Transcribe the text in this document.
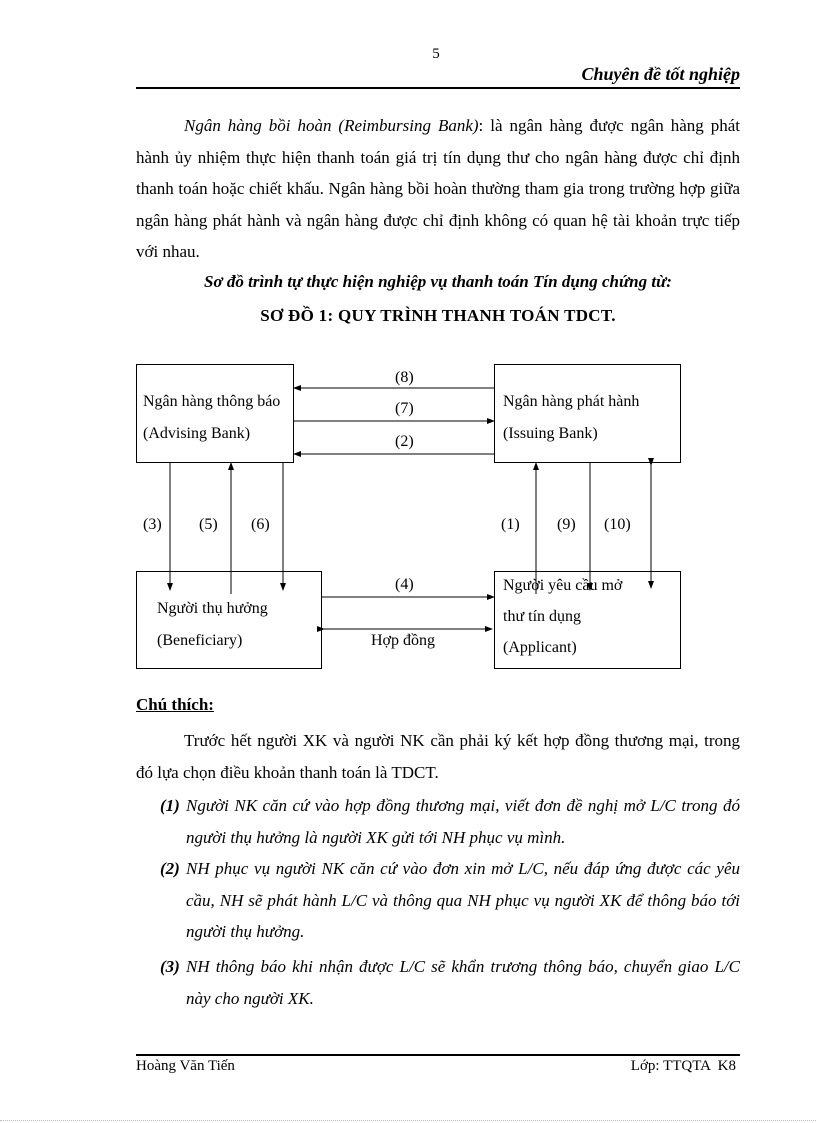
5
Chuyên đề tốt nghiệp
Ngân hàng bồi hoàn (Reimbursing Bank): là ngân hàng được ngân hàng phát hành ủy nhiệm thực hiện thanh toán giá trị tín dụng thư cho ngân hàng được chỉ định thanh toán hoặc chiết khấu. Ngân hàng bồi hoàn thường tham gia trong trường hợp giữa ngân hàng phát hành và ngân hàng được chỉ định không có quan hệ tài khoản trực tiếp với nhau.
Sơ đồ trình tự thực hiện nghiệp vụ thanh toán Tín dụng chứng từ:
SƠ ĐỒ 1: QUY TRÌNH THANH TOÁN TDCT.
Ngân hàng thông báo
(Advising Bank)
Ngân hàng phát hành
(Issuing Bank)
Người thụ hưởng
(Beneficiary)
Người yêu cầu mở
thư tín dụng
(Applicant)
(8)
(7)
(2)
(3) (5) (6)	(1) (9) (10)
(4)
Hợp đồng
Chú thích:
Trước hết người XK và người NK cần phải ký kết hợp đồng thương mại, trong đó lựa chọn điều khoản thanh toán là TDCT.
(1) Người NK căn cứ vào hợp đồng thương mại, viết đơn đề nghị mở L/C trong đó người thụ hưởng là người XK gửi tới NH phục vụ mình.
(2) NH phục vụ người NK căn cứ vào đơn xin mở L/C, nếu đáp ứng được các yêu cầu, NH sẽ phát hành L/C và thông qua NH phục vụ người XK để thông báo tới người thụ hưởng.
(3) NH thông báo khi nhận được L/C sẽ khẩn trương thông báo, chuyển giao L/C này cho người XK.
Hoàng Văn Tiến	Lớp: TTQTA  K8
